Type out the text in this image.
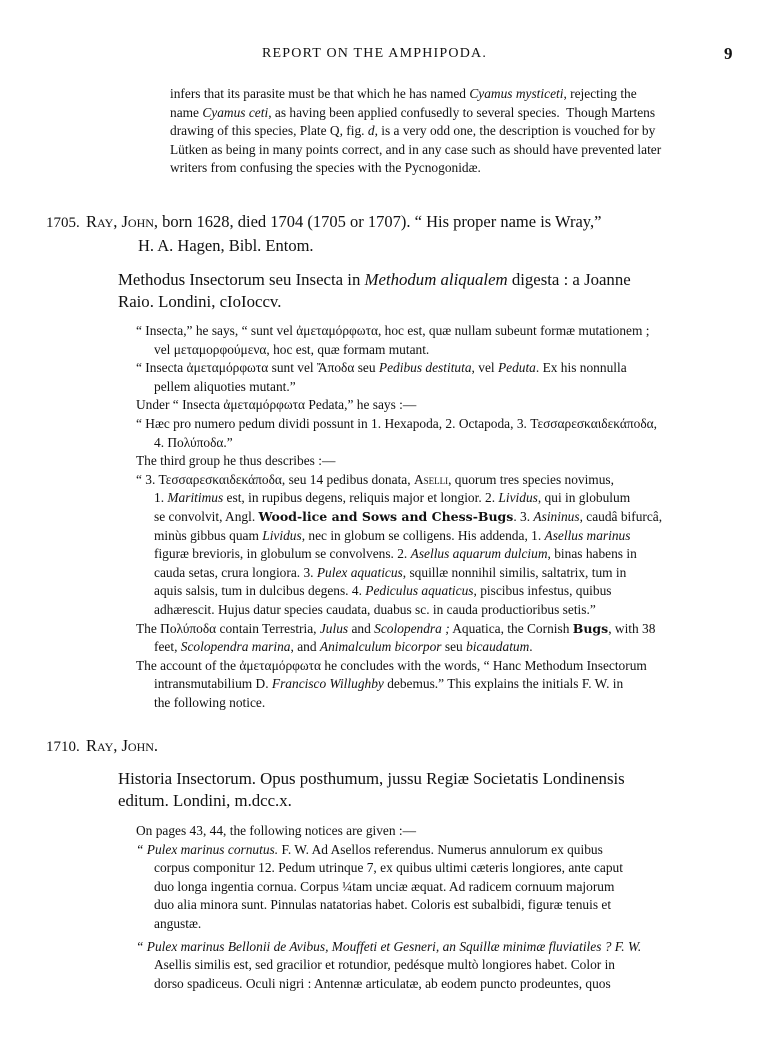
REPORT ON THE AMPHIPODA.	9
infers that its parasite must be that which he has named Cyamus mysticeti, rejecting the
name Cyamus ceti, as having been applied confusedly to several species.  Though Martens
drawing of this species, Plate Q, fig. d, is a very odd one, the description is vouched for by
Lütken as being in many points correct, and in any case such as should have prevented later
writers from confusing the species with the Pycnogonidæ.
1705. Ray, John, born 1628, died 1704 (1705 or 1707). “ His proper name is Wray,”
H. A. Hagen, Bibl. Entom.
Methodus Insectorum seu Insecta in Methodum aliqualem digesta : a Joanne
Raio. Londini, cIoIoccv.
“ Insecta,” he says, “ sunt vel ἀμεταμόρφωτα, hoc est, quæ nullam subeunt formæ mutationem ;
vel μεταμορφούμενα, hoc est, quæ formam mutant.
“ Insecta ἀμεταμόρφωτα sunt vel Ἄποδα seu Pedibus destituta, vel Peduta. Ex his nonnulla
pellem aliquoties mutant.”
Under “ Insecta ἀμεταμόρφωτα Pedata,” he says :—
“ Hæc pro numero pedum dividi possunt in 1. Hexapoda, 2. Octapoda, 3. Τεσσαρεσκαιδεκάποδα,
4. Πολύποδα.”
The third group he thus describes :—
“ 3. Τεσσαρεσκαιδεκάποδα, seu 14 pedibus donata, Aselli, quorum tres species novimus,
1. Maritimus est, in rupibus degens, reliquis major et longior. 2. Lividus, qui in globulum
se convolvit, Angl. Wood-lice and Sows and Chess-Bugs. 3. Asininus, caudâ bifurcâ,
minùs gibbus quam Lividus, nec in globum se colligens. His addenda, 1. Asellus marinus
figuræ brevioris, in globulum se convolvens. 2. Asellus aquarum dulcium, binas habens in
cauda setas, crura longiora. 3. Pulex aquaticus, squillæ nonnihil similis, saltatrix, tum in
aquis salsis, tum in dulcibus degens. 4. Pediculus aquaticus, piscibus infestus, quibus
adhærescit. Hujus datur species caudata, duabus sc. in cauda productioribus setis.”
The Πολύποδα contain Terrestria, Julus and Scolopendra ; Aquatica, the Cornish Bugs, with 38
feet, Scolopendra marina, and Animalculum bicorpor seu bicaudatum.
The account of the ἀμεταμόρφωτα he concludes with the words, “ Hanc Methodum Insectorum
intransmutabilium D. Francisco Willughby debemus.” This explains the initials F. W. in
the following notice.
1710. Ray, John.
Historia Insectorum. Opus posthumum, jussu Regiæ Societatis Londinensis
editum. Londini, m.dcc.x.
On pages 43, 44, the following notices are given :—
“ Pulex marinus cornutus. F. W. Ad Asellos referendus. Numerus annulorum ex quibus
corpus componitur 12. Pedum utrinque 7, ex quibus ultimi cæteris longiores, ante caput
duo longa ingentia cornua. Corpus ¼tam unciæ æquat. Ad radicem cornuum majorum
duo alia minora sunt. Pinnulas natatorias habet. Coloris est subalbidi, figuræ tenuis et
angustæ.
“ Pulex marinus Bellonii de Avibus, Mouffeti et Gesneri, an Squillæ minimæ fluviatiles ? F. W.
Asellis similis est, sed gracilior et rotundior, pedésque multò longiores habet. Color in
dorso spadiceus. Oculi nigri : Antennæ articulatæ, ab eodem puncto prodeuntes, quos
